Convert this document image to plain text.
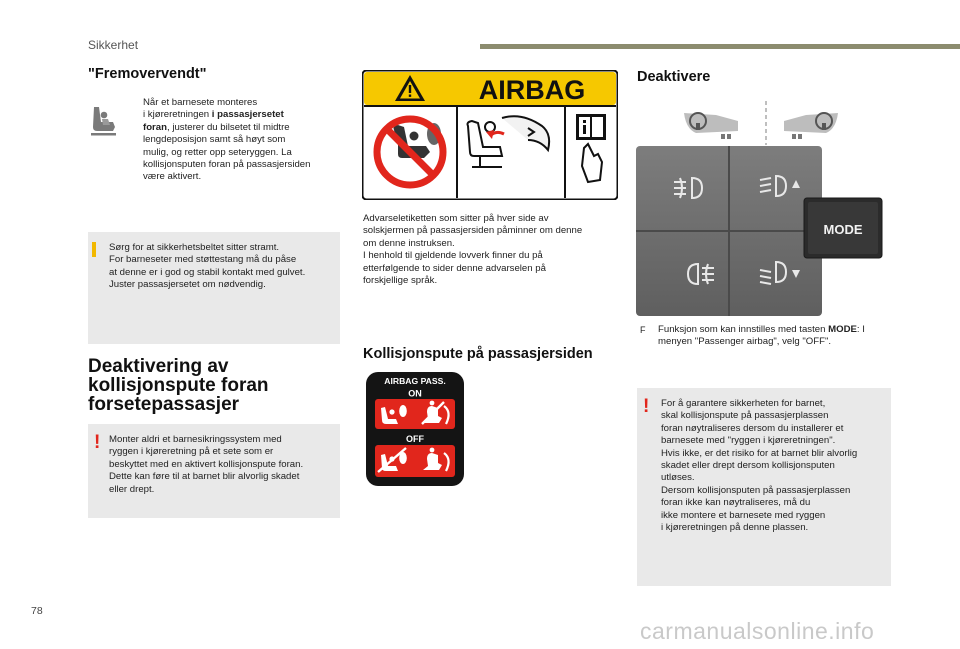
Sikkerhet
"Fremovervendt"
Når et barnesete monteres
i kjøreretningen i passasjersetet
foran, justerer du bilsetet til midtre
lengdeposisjon samt så høyt som
mulig, og retter opp seteryggen. La
kollisjonsputen foran på passasjersiden
være aktivert.
Sørg for at sikkerhetsbeltet sitter stramt.
For barneseter med støttestang må du påse
at denne er i god og stabil kontakt med gulvet.
Juster passasjersetet om nødvendig.
Deaktivering av
kollisjonspute foran
forsetepassasjer
! Monter aldri et barnesikringssystem med
ryggen i kjøreretning på et sete som er
beskyttet med en aktivert kollisjonspute foran.
Dette kan føre til at barnet blir alvorlig skadet
eller drept.
AIRBAG
Advarseletiketten som sitter på hver side av
solskjermen på passasjersiden påminner om denne
om denne instruksen.
I henhold til gjeldende lovverk finner du på
etterfølgende to sider denne advarselen på
forskjellige språk.
Kollisjonspute på passasjersiden
AIRBAG PASS.
ON
OFF
Deaktivere
MODE
F Funksjon som kan innstilles med tasten MODE: I
menyen "Passenger airbag", velg "OFF".
! For å garantere sikkerheten for barnet,
skal kollisjonspute på passasjerplassen
foran nøytraliseres dersom du installerer et
barnesete med "ryggen i kjøreretningen".
Hvis ikke, er det risiko for at barnet blir alvorlig
skadet eller drept dersom kollisjonsputen
utløses.
Dersom kollisjonsputen på passasjerplassen
foran ikke kan nøytraliseres, må du
ikke montere et barnesete med ryggen
i kjøreretningen på denne plassen.
78
carmanualsonline.info
